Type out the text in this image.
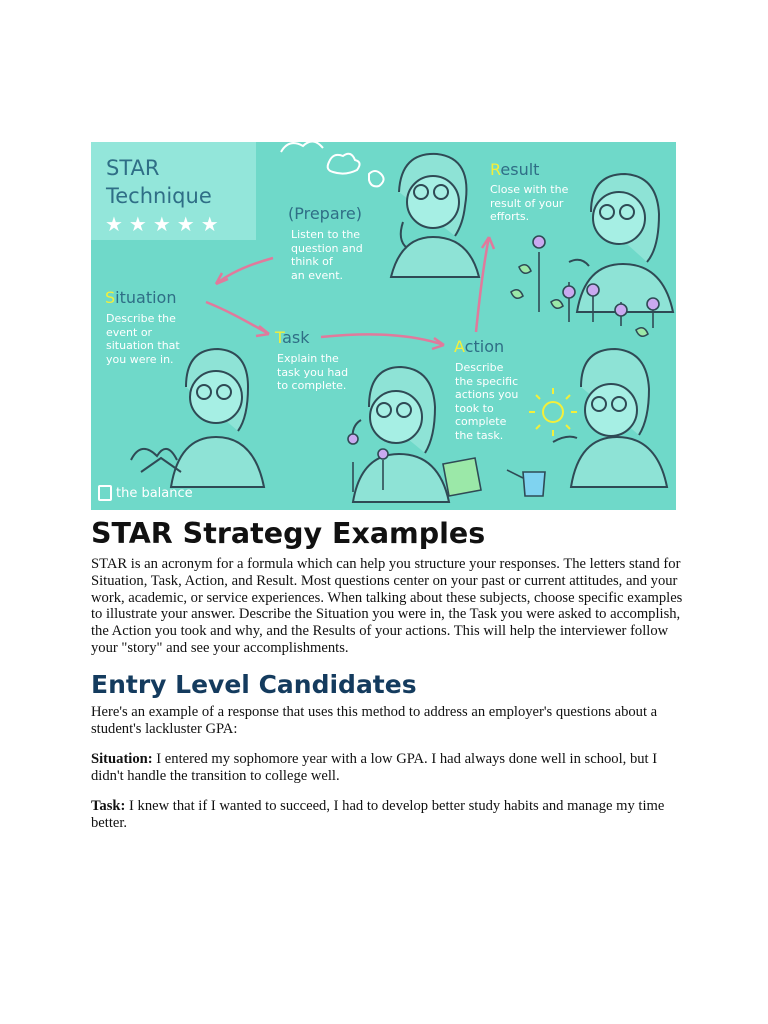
STAR
Technique
★★★★★	(Prepare)
Listen to the
question and
think of
an event.
Situation
Describe the
event or
situation that
you were in.
Task
Explain the
task you had
to complete.
Action
Describe
the specific
actions you
took to
complete
the task.
Result
Close with the
result of your
efforts.
the balance
STAR Strategy Examples

STAR is an acronym for a formula which can help you structure your responses. The letters stand for Situation, Task, Action, and Result. Most questions center on your past or current attitudes, and your work, academic, or service experiences. When talking about these subjects, choose specific examples to illustrate your answer. Describe the Situation you were in, the Task you were asked to accomplish, the Action you took and why, and the Results of your actions. This will help the interviewer follow your "story" and see your accomplishments.

Entry Level Candidates

Here's an example of a response that uses this method to address an employer's questions about a student's lackluster GPA:

Situation: I entered my sophomore year with a low GPA. I had always done well in school, but I didn't handle the transition to college well.

Task: I knew that if I wanted to succeed, I had to develop better study habits and manage my time better.
